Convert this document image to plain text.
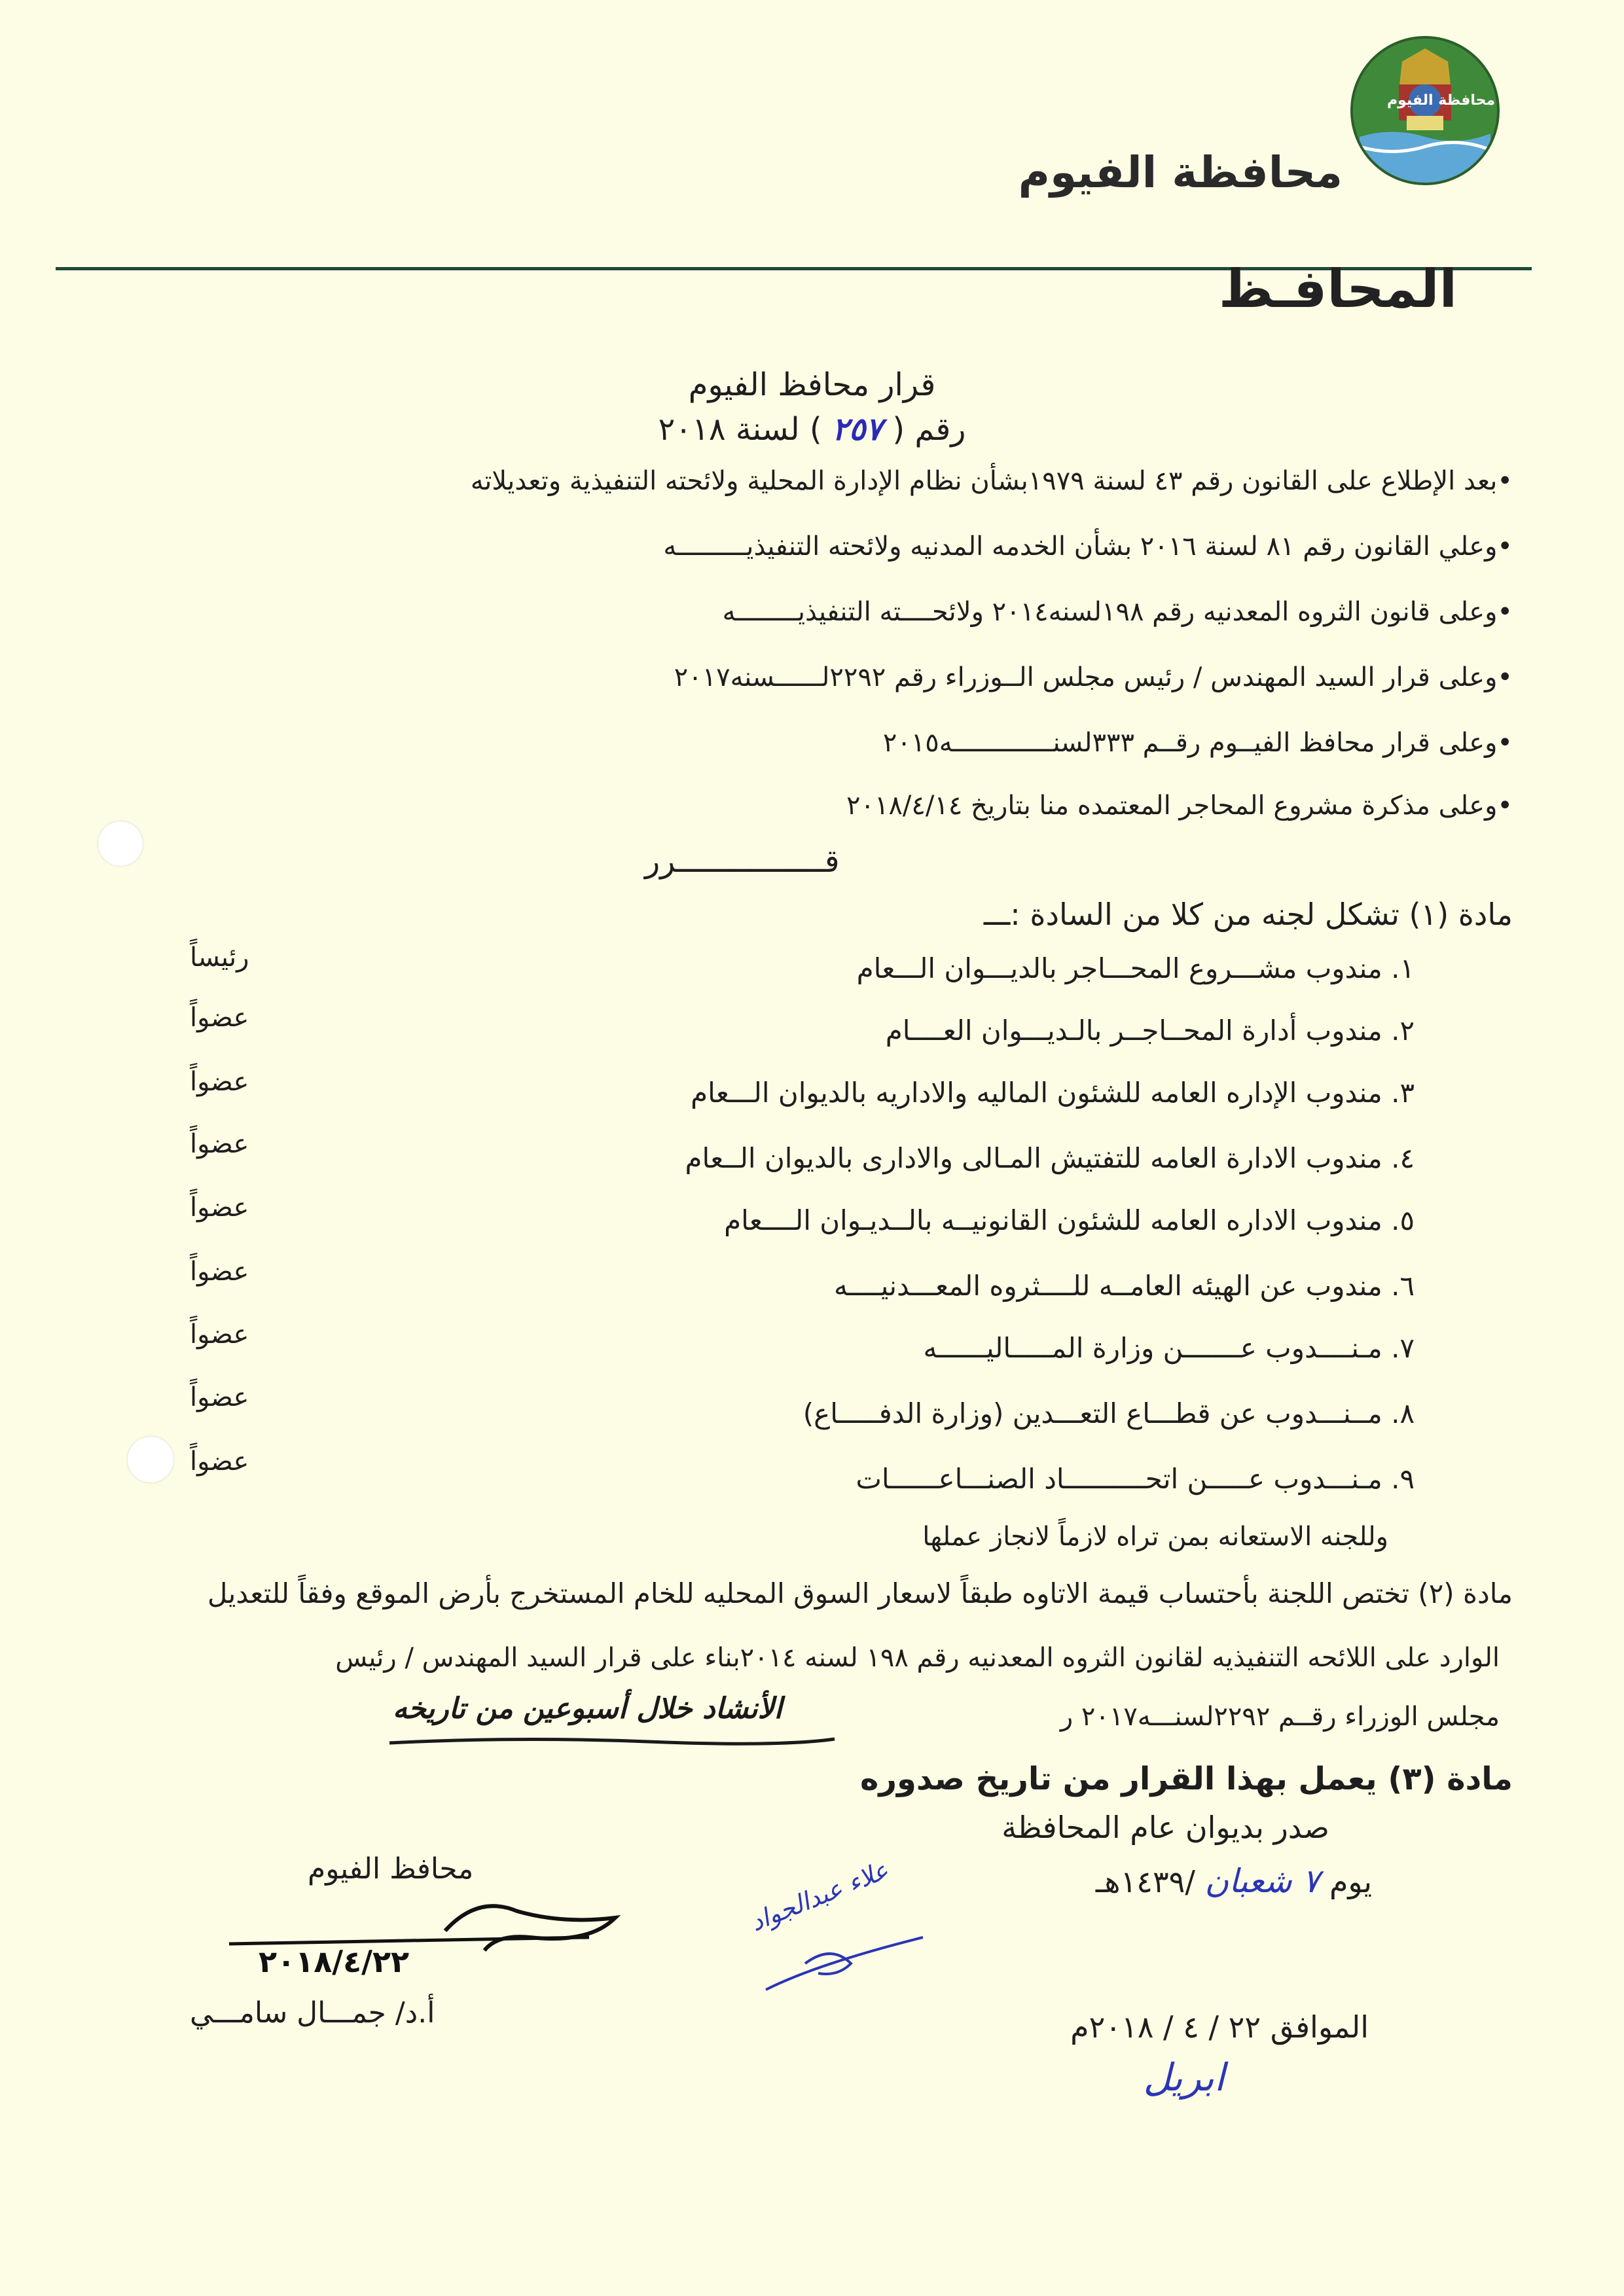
محافظة الفيوم
محافظة الفيوم
المحافـظ
قرار محافظ الفيوم
رقم ( ٢٥٧ ) لسنة ٢٠١٨
•بعد الإطلاع على القانون رقم ٤٣ لسنة ١٩٧٩بشأن نظام الإدارة المحلية ولائحته التنفيذية وتعديلاته
•وعلي القانون رقم ٨١ لسنة ٢٠١٦ بشأن الخدمه المدنيه ولائحته التنفيذيـــــــــه
•وعلى قانون الثروه المعدنيه رقم ١٩٨لسنه٢٠١٤ ولائحــــته التنفيذيــــــــه
•وعلى قرار السيد المهندس / رئيس مجلس الــوزراء رقم ٢٢٩٢لــــــسنه٢٠١٧
•وعلى قرار محافظ الفيــوم رقــم ٣٣٣لسنـــــــــــــه٢٠١٥
•وعلى مذكرة مشروع المحاجر المعتمده منا بتاريخ ٢٠١٨/٤/١٤
قــــــــــــــــرر
مادة (١) تشكل لجنه من كلا من السادة :ـــ
١. مندوب مشـــروع المحـــاجر بالديـــوان الـــعام
رئيساً
٢. مندوب أدارة المحــاجــر بالـديـــوان العــــام
عضواً
٣. مندوب الإداره العامه للشئون الماليه والاداريه بالديوان الـــعام
عضواً
٤. مندوب الادارة العامه للتفتيش المـالى والادارى بالديوان الــعام
عضواً
٥. مندوب الاداره العامه للشئون القانونيــه بالــديـوان الــــعام
عضواً
٦. مندوب عن الهيئه العامــه للــــثروه المعـــدنيــــه
عضواً
٧. مـنــــدوب عـــــــن وزارة المـــــاليــــــه
عضواً
٨. مــنـــدوب عن قطـــاع التعـــدين (وزارة الدفـــــاع)
عضواً
٩. مـنـــدوب عـــــن اتحــــــــــاد الصنـــاعــــــات
عضواً
وللجنه الاستعانه بمن تراه لازماً لانجاز عملها
مادة (٢) تختص اللجنة بأحتساب قيمة الاتاوه طبقاً لاسعار السوق المحليه للخام المستخرج بأرض الموقع وفقاً للتعديل
الوارد على اللائحه التنفيذيه لقانون الثروه المعدنيه رقم ١٩٨ لسنه ٢٠١٤بناء على قرار السيد المهندس / رئيس
مجلس الوزراء رقــم ٢٢٩٢لسنـــه٢٠١٧ ر
الأنشاد خلال أسبوعين من تاريخه
مادة (٣) يعمل بهذا القرار من تاريخ صدوره
صدر بديوان عام المحافظة
يوم ٧ شعبان /١٤٣٩هـ
الموافق ٢٢ / ٤ / ٢٠١٨م
ابريل
علاء عبدالجواد
محافظ الفيوم
٢٠١٨/٤/٢٢
أ.د/ جمـــال سامـــي
